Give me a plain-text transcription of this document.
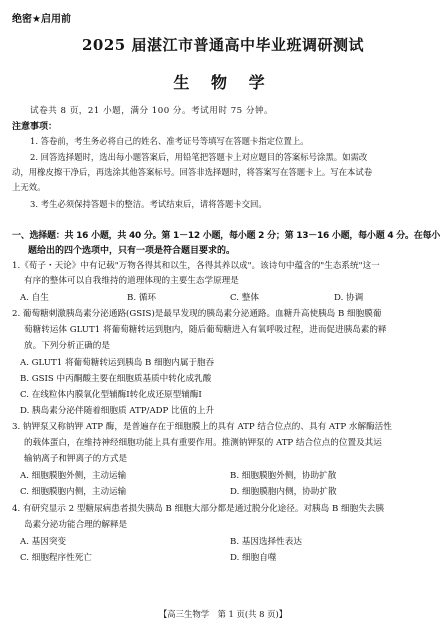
绝密★启用前
2025 届湛江市普通高中毕业班调研测试
生 物 学
试卷共 8 页，21 小题，满分 100 分。考试用时 75 分钟。
注意事项：
1. 答卷前，考生务必将自己的姓名、准考证号等填写在答题卡指定位置上。
2. 回答选择题时，选出每小题答案后，用铅笔把答题卡上对应题目的答案标号涂黑。如需改
动，用橡皮擦干净后，再选涂其他答案标号。回答非选择题时，将答案写在答题卡上。写在本试卷
上无效。
3. 考生必须保持答题卡的整洁。考试结束后，请将答题卡交回。
一、选择题：共 16 小题，共 40 分。第 1－12 小题，每小题 2 分；第 13－16 小题，每小题 4 分。在每小
题给出的四个选项中，只有一项是符合题目要求的。
1.《荀子・天论》中有记载"万物各得其和以生，各得其养以成"。该诗句中蕴含的"生态系统"这一
有序的整体可以自我维持的道理体现的主要生态学原理是
A. 自生	B. 循环	C. 整体	D. 协调
2. 葡萄糖刺激胰岛素分泌通路(GSIS)是最早发现的胰岛素分泌通路。血糖升高使胰岛 B 细胞膜葡
萄糖转运体 GLUT1 将葡萄糖转运到胞内，随后葡萄糖进入有氧呼吸过程，进而促进胰岛素的释
放。下列分析正确的是
A. GLUT1 将葡萄糖转运到胰岛 B 细胞内属于胞吞
B. GSIS 中丙酮酸主要在细胞质基质中转化成乳酸
C. 在线粒体内膜氧化型辅酶Ⅰ转化成还原型辅酶Ⅰ
D. 胰岛素分泌伴随着细胞质 ATP/ADP 比值的上升
3. 钠钾泵又称钠钾 ATP 酶，是普遍存在于细胞膜上的具有 ATP 结合位点的、具有 ATP 水解酶活性
的载体蛋白，在维持神经细胞功能上具有重要作用。推测钠钾泵的 ATP 结合位点的位置及其运
输钠离子和钾离子的方式是
A. 细胞膜胞外侧，主动运输	B. 细胞膜胞外侧，协助扩散
C. 细胞膜胞内侧，主动运输	D. 细胞膜胞内侧，协助扩散
4. 有研究显示 2 型糖尿病患者损失胰岛 B 细胞大部分都是通过脱分化途径。对胰岛 B 细胞失去胰
岛素分泌功能合理的解释是
A. 基因突变	B. 基因选择性表达
C. 细胞程序性死亡	D. 细胞自噬
【高三生物学　第 1 页(共 8 页)】
